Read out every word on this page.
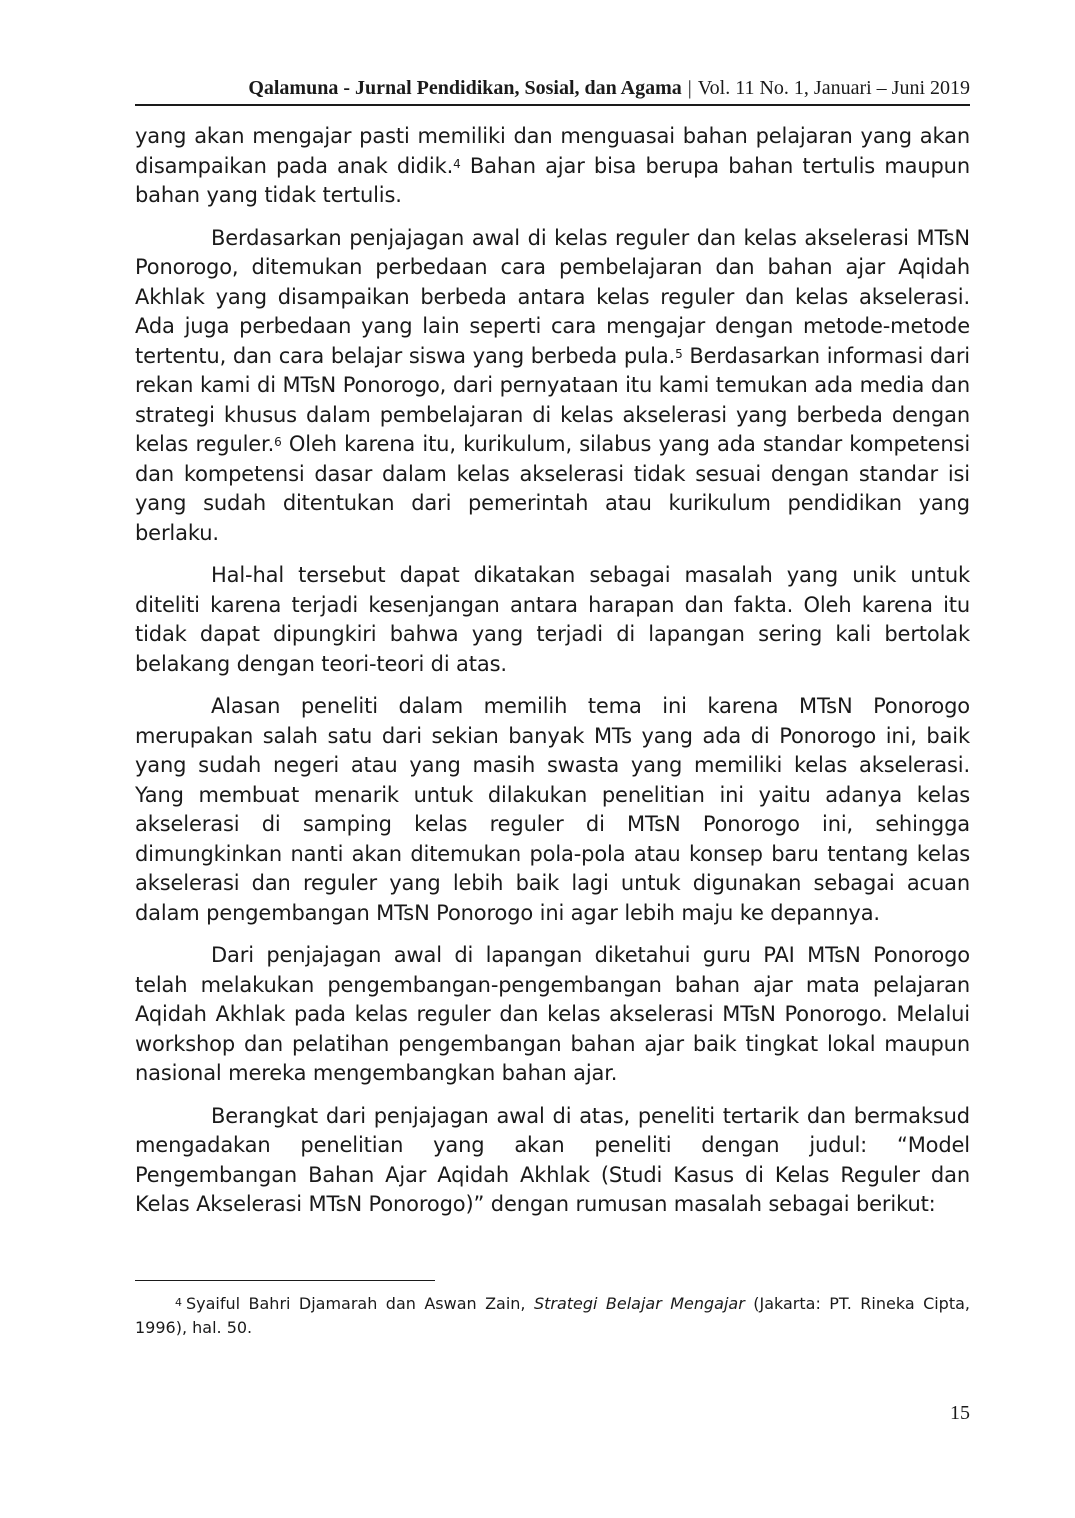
Qalamuna - Jurnal Pendidikan, Sosial, dan Agama | Vol. 11 No. 1, Januari – Juni 2019

yang akan mengajar pasti memiliki dan menguasai bahan pelajaran yang akan disampaikan pada anak didik.$^4$ Bahan ajar bisa berupa bahan tertulis maupun bahan yang tidak tertulis.

Berdasarkan penjajagan awal di kelas reguler dan kelas akselerasi MTsN Ponorogo, ditemukan perbedaan cara pembelajaran dan bahan ajar Aqidah Akhlak yang disampaikan berbeda antara kelas reguler dan kelas akselerasi. Ada juga perbedaan yang lain seperti cara mengajar dengan metode-metode tertentu, dan cara belajar siswa yang berbeda pula.$^5$ Berdasarkan informasi dari rekan kami di MTsN Ponorogo, dari pernyataan itu kami temukan ada media dan strategi khusus dalam pembelajaran di kelas akselerasi yang berbeda dengan kelas reguler.$^6$ Oleh karena itu, kurikulum, silabus yang ada standar kompetensi dan kompetensi dasar dalam kelas akselerasi tidak sesuai dengan standar isi yang sudah ditentukan dari pemerintah atau kurikulum pendidikan yang berlaku.

Hal-hal tersebut dapat dikatakan sebagai masalah yang unik untuk diteliti karena terjadi kesenjangan antara harapan dan fakta. Oleh karena itu tidak dapat dipungkiri bahwa yang terjadi di lapangan sering kali bertolak belakang dengan teori-teori di atas.

Alasan peneliti dalam memilih tema ini karena MTsN Ponorogo merupakan salah satu dari sekian banyak MTs yang ada di Ponorogo ini, baik yang sudah negeri atau yang masih swasta yang memiliki kelas akselerasi. Yang membuat menarik untuk dilakukan penelitian ini yaitu adanya kelas akselerasi di samping kelas reguler di MTsN Ponorogo ini, sehingga dimungkinkan nanti akan ditemukan pola-pola atau konsep baru tentang kelas akselerasi dan reguler yang lebih baik lagi untuk digunakan sebagai acuan dalam pengembangan MTsN Ponorogo ini agar lebih maju ke depannya.

Dari penjajagan awal di lapangan diketahui guru PAI MTsN Ponorogo telah melakukan pengembangan-pengembangan bahan ajar mata pelajaran Aqidah Akhlak pada kelas reguler dan kelas akselerasi MTsN Ponorogo. Melalui workshop dan pelatihan pengembangan bahan ajar baik tingkat lokal maupun nasional mereka mengembangkan bahan ajar.

Berangkat dari penjajagan awal di atas, peneliti tertarik dan bermaksud mengadakan penelitian yang akan peneliti dengan judul: “Model Pengembangan Bahan Ajar Aqidah Akhlak (Studi Kasus di Kelas Reguler dan Kelas Akselerasi MTsN Ponorogo)” dengan rumusan masalah sebagai berikut:

$^4$ Syaiful Bahri Djamarah dan Aswan Zain, Strategi Belajar Mengajar (Jakarta: PT. Rineka Cipta, 1996), hal. 50.
15
